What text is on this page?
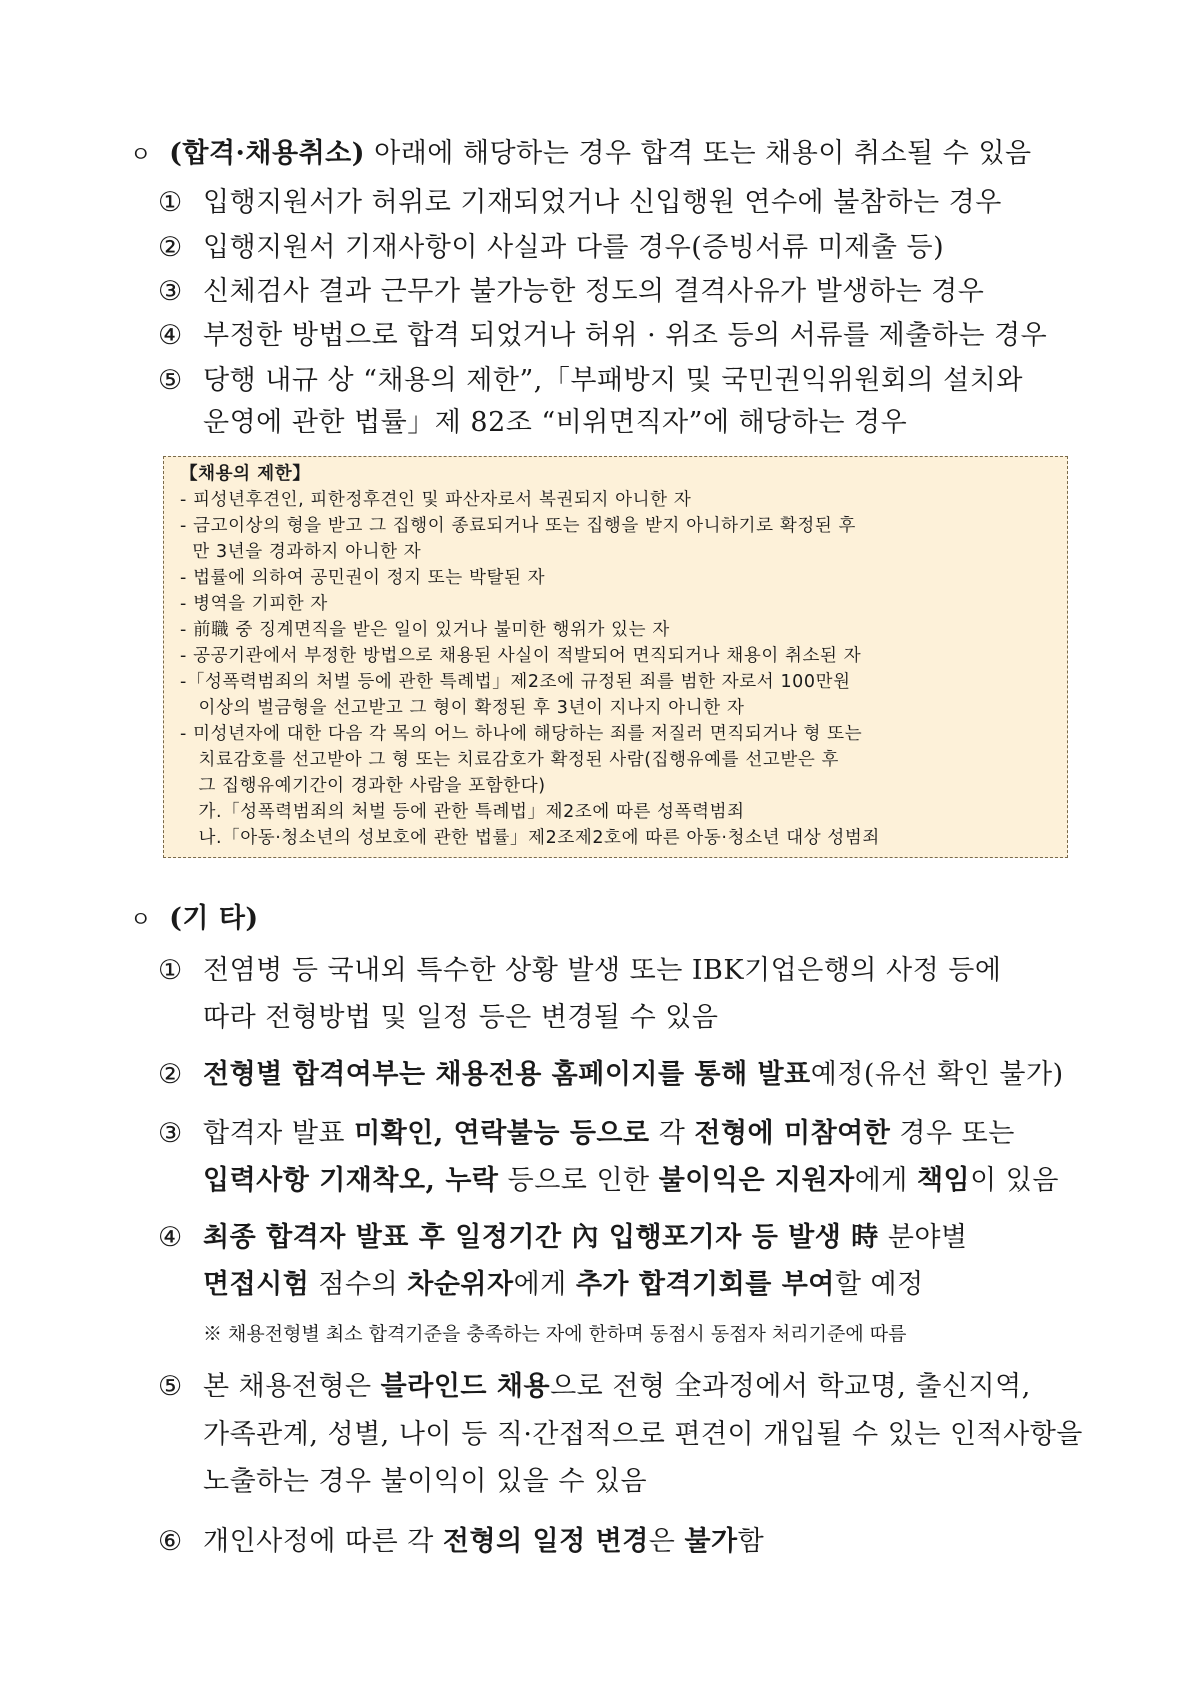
ㅇ (합격·채용취소) 아래에 해당하는 경우 합격 또는 채용이 취소될 수 있음
① 입행지원서가 허위로 기재되었거나 신입행원 연수에 불참하는 경우
② 입행지원서 기재사항이 사실과 다를 경우(증빙서류 미제출 등)
③ 신체검사 결과 근무가 불가능한 정도의 결격사유가 발생하는 경우
④ 부정한 방법으로 합격 되었거나 허위 · 위조 등의 서류를 제출하는 경우
⑤ 당행 내규 상 “채용의 제한”,「부패방지 및 국민권익위원회의 설치와
운영에 관한 법률」제 82조 “비위면직자”에 해당하는 경우
【채용의 제한】
- 피성년후견인, 피한정후견인 및 파산자로서 복권되지 아니한 자
- 금고이상의 형을 받고 그 집행이 종료되거나 또는 집행을 받지 아니하기로 확정된 후
만 3년을 경과하지 아니한 자
- 법률에 의하여 공민권이 정지 또는 박탈된 자
- 병역을 기피한 자
- 前職 중 징계면직을 받은 일이 있거나 불미한 행위가 있는 자
- 공공기관에서 부정한 방법으로 채용된 사실이 적발되어 면직되거나 채용이 취소된 자
-「성폭력범죄의 처벌 등에 관한 특례법」제2조에 규정된 죄를 범한 자로서 100만원
이상의 벌금형을 선고받고 그 형이 확정된 후 3년이 지나지 아니한 자
- 미성년자에 대한 다음 각 목의 어느 하나에 해당하는 죄를 저질러 면직되거나 형 또는
치료감호를 선고받아 그 형 또는 치료감호가 확정된 사람(집행유예를 선고받은 후
그 집행유예기간이 경과한 사람을 포함한다)
가.「성폭력범죄의 처벌 등에 관한 특례법」제2조에 따른 성폭력범죄
나.「아동·청소년의 성보호에 관한 법률」제2조제2호에 따른 아동·청소년 대상 성범죄
ㅇ (기 타)
① 전염병 등 국내외 특수한 상황 발생 또는 IBK기업은행의 사정 등에
따라 전형방법 및 일정 등은 변경될 수 있음
② 전형별 합격여부는 채용전용 홈페이지를 통해 발표예정(유선 확인 불가)
③ 합격자 발표 미확인, 연락불능 등으로 각 전형에 미참여한 경우 또는
입력사항 기재착오, 누락 등으로 인한 불이익은 지원자에게 책임이 있음
④ 최종 합격자 발표 후 일정기간 內 입행포기자 등 발생 時 분야별
면접시험 점수의 차순위자에게 추가 합격기회를 부여할 예정
※ 채용전형별 최소 합격기준을 충족하는 자에 한하며 동점시 동점자 처리기준에 따름
⑤ 본 채용전형은 블라인드 채용으로 전형 全과정에서 학교명, 출신지역,
가족관계, 성별, 나이 등 직·간접적으로 편견이 개입될 수 있는 인적사항을
노출하는 경우 불이익이 있을 수 있음
⑥ 개인사정에 따른 각 전형의 일정 변경은 불가함
